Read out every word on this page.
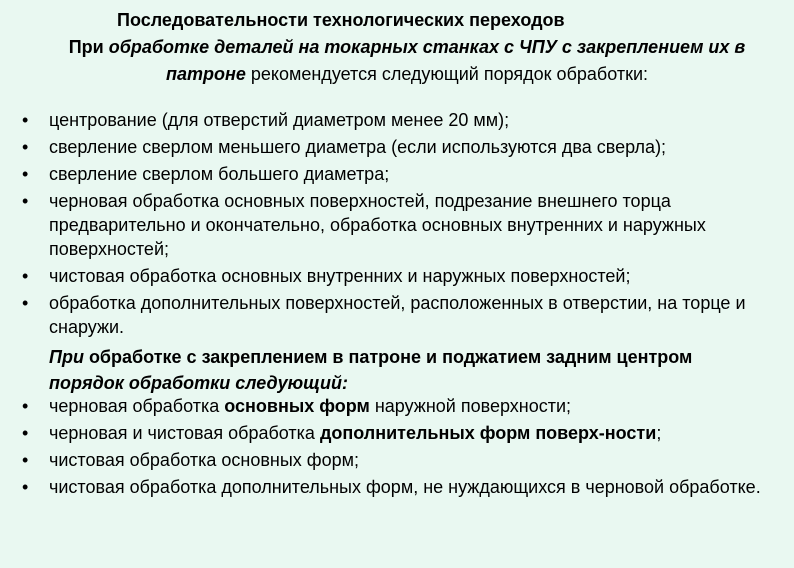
Последовательности технологических переходов
При обработке деталей на токарных станках с ЧПУ с закреплением их в патроне рекомендуется следующий порядок обработки:
• центрование (для отверстий диаметром менее 20 мм);
• сверление сверлом меньшего диаметра (если используются два сверла);
• сверление сверлом большего диаметра;
• черновая обработка основных поверхностей, подрезание внешнего торца предварительно и окончательно, обработка основных внутренних и наружных поверхностей;
• чистовая обработка основных внутренних и наружных поверхностей;
• обработка дополнительных поверхностей, расположенных в отверстии, на торце и снаружи.
При обработке с закреплением в патроне и поджатием задним центром порядок обработки следующий:
• черновая обработка основных форм наружной поверхности;
• черновая и чистовая обработка дополнительных форм поверх-ности;
• чистовая обработка основных форм;
• чистовая обработка дополнительных форм, не нуждающихся в черновой обработке.
